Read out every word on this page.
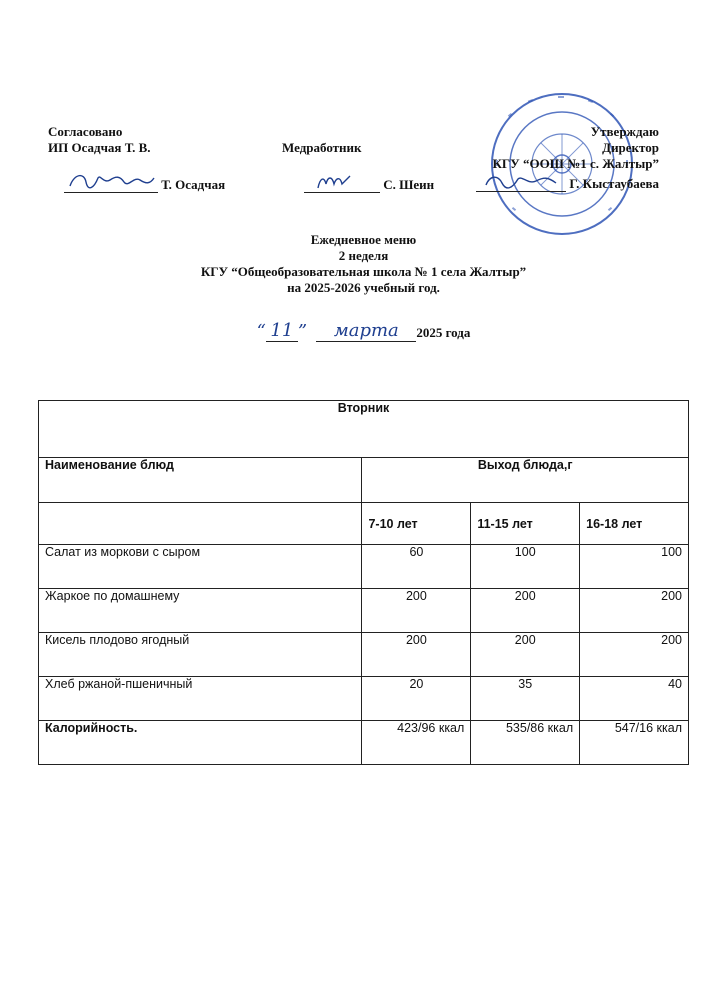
Согласовано
ИП Осадчая Т. В.
Т. Осадчая
Медработник
С. Шеин
Утверждаю
Директор
КГУ “ООШ №1 с. Жалтыр”
Г. Кыстаубаева
Ежедневное меню
2 неделя
КГУ “Общеобразовательная школа № 1 села Жалтыр”
на 2025-2026 учебный год.
“ 11 ” марта 2025 года
Вторник			
Наименование блюд	Выход блюда,г		
	7-10 лет	11-15 лет	16-18 лет
Салат из моркови с сыром	60	100	100
Жаркое по домашнему	200	200	200
Кисель плодово ягодный	200	200	200
Хлеб ржаной-пшеничный	20	35	40
Калорийность.	423/96 ккал	535/86 ккал	547/16 ккал
